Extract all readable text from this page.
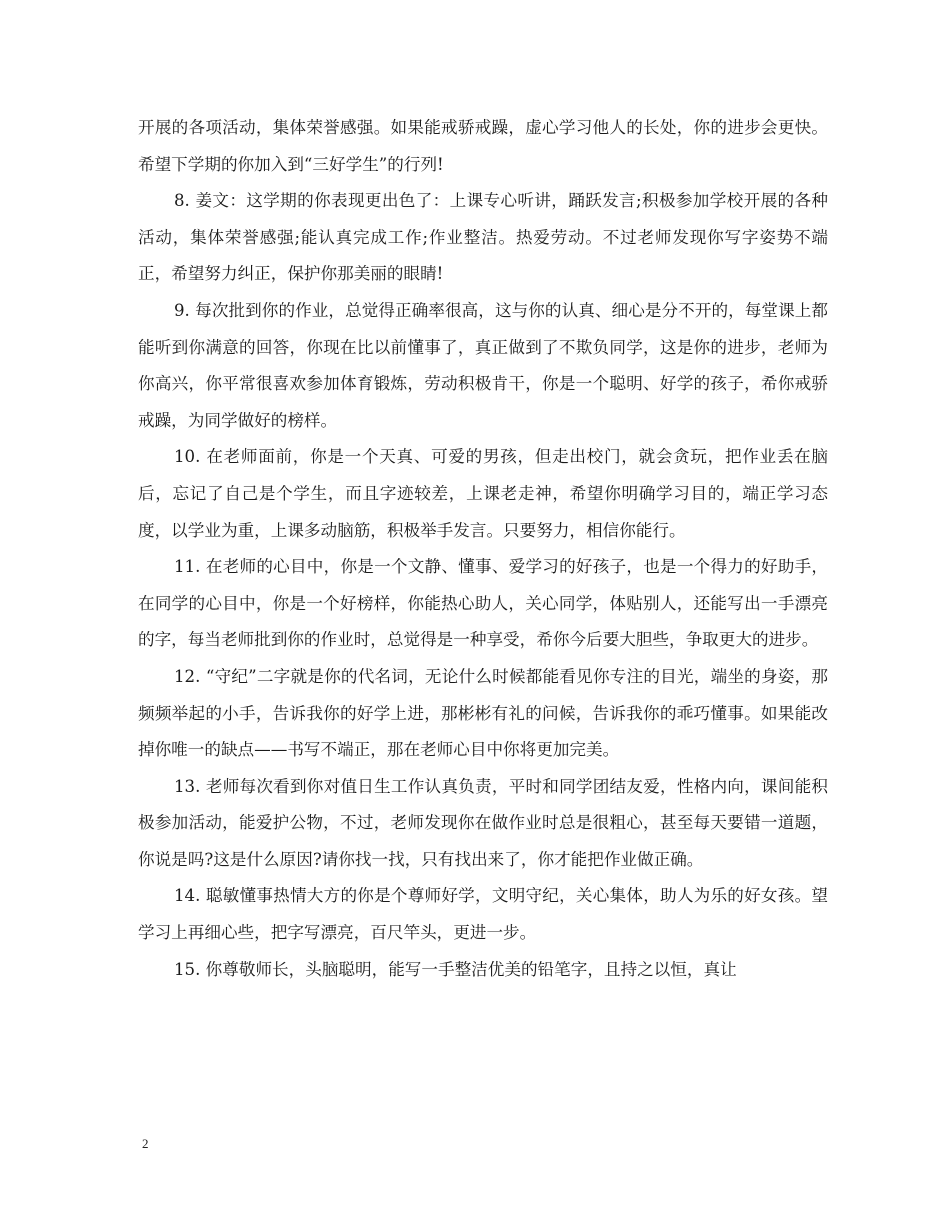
开展的各项活动，集体荣誉感强。如果能戒骄戒躁，虚心学习他人的长处，你的进步会更快。希望下学期的你加入到“三好学生”的行列!

8. 姜文：这学期的你表现更出色了：上课专心听讲，踊跃发言;积极参加学校开展的各种活动，集体荣誉感强;能认真完成工作;作业整洁。热爱劳动。不过老师发现你写字姿势不端正，希望努力纠正，保护你那美丽的眼睛!

9. 每次批到你的作业，总觉得正确率很高，这与你的认真、细心是分不开的，每堂课上都能听到你满意的回答，你现在比以前懂事了，真正做到了不欺负同学，这是你的进步，老师为你高兴，你平常很喜欢参加体育锻炼，劳动积极肯干，你是一个聪明、好学的孩子，希你戒骄戒躁，为同学做好的榜样。

10. 在老师面前，你是一个天真、可爱的男孩，但走出校门，就会贪玩，把作业丢在脑后，忘记了自己是个学生，而且字迹较差，上课老走神，希望你明确学习目的，端正学习态度，以学业为重，上课多动脑筋，积极举手发言。只要努力，相信你能行。

11. 在老师的心目中，你是一个文静、懂事、爱学习的好孩子，也是一个得力的好助手，在同学的心目中，你是一个好榜样，你能热心助人，关心同学，体贴别人，还能写出一手漂亮的字，每当老师批到你的作业时，总觉得是一种享受，希你今后要大胆些，争取更大的进步。

12. “守纪”二字就是你的代名词，无论什么时候都能看见你专注的目光，端坐的身姿，那频频举起的小手，告诉我你的好学上进，那彬彬有礼的问候，告诉我你的乖巧懂事。如果能改掉你唯一的缺点——书写不端正，那在老师心目中你将更加完美。

13. 老师每次看到你对值日生工作认真负责，平时和同学团结友爱，性格内向，课间能积极参加活动，能爱护公物，不过，老师发现你在做作业时总是很粗心，甚至每天要错一道题，你说是吗?这是什么原因?请你找一找，只有找出来了，你才能把作业做正确。

14. 聪敏懂事热情大方的你是个尊师好学，文明守纪，关心集体，助人为乐的好女孩。望学习上再细心些，把字写漂亮，百尺竿头，更进一步。

15. 你尊敬师长，头脑聪明，能写一手整洁优美的铅笔字，且持之以恒，真让

2
